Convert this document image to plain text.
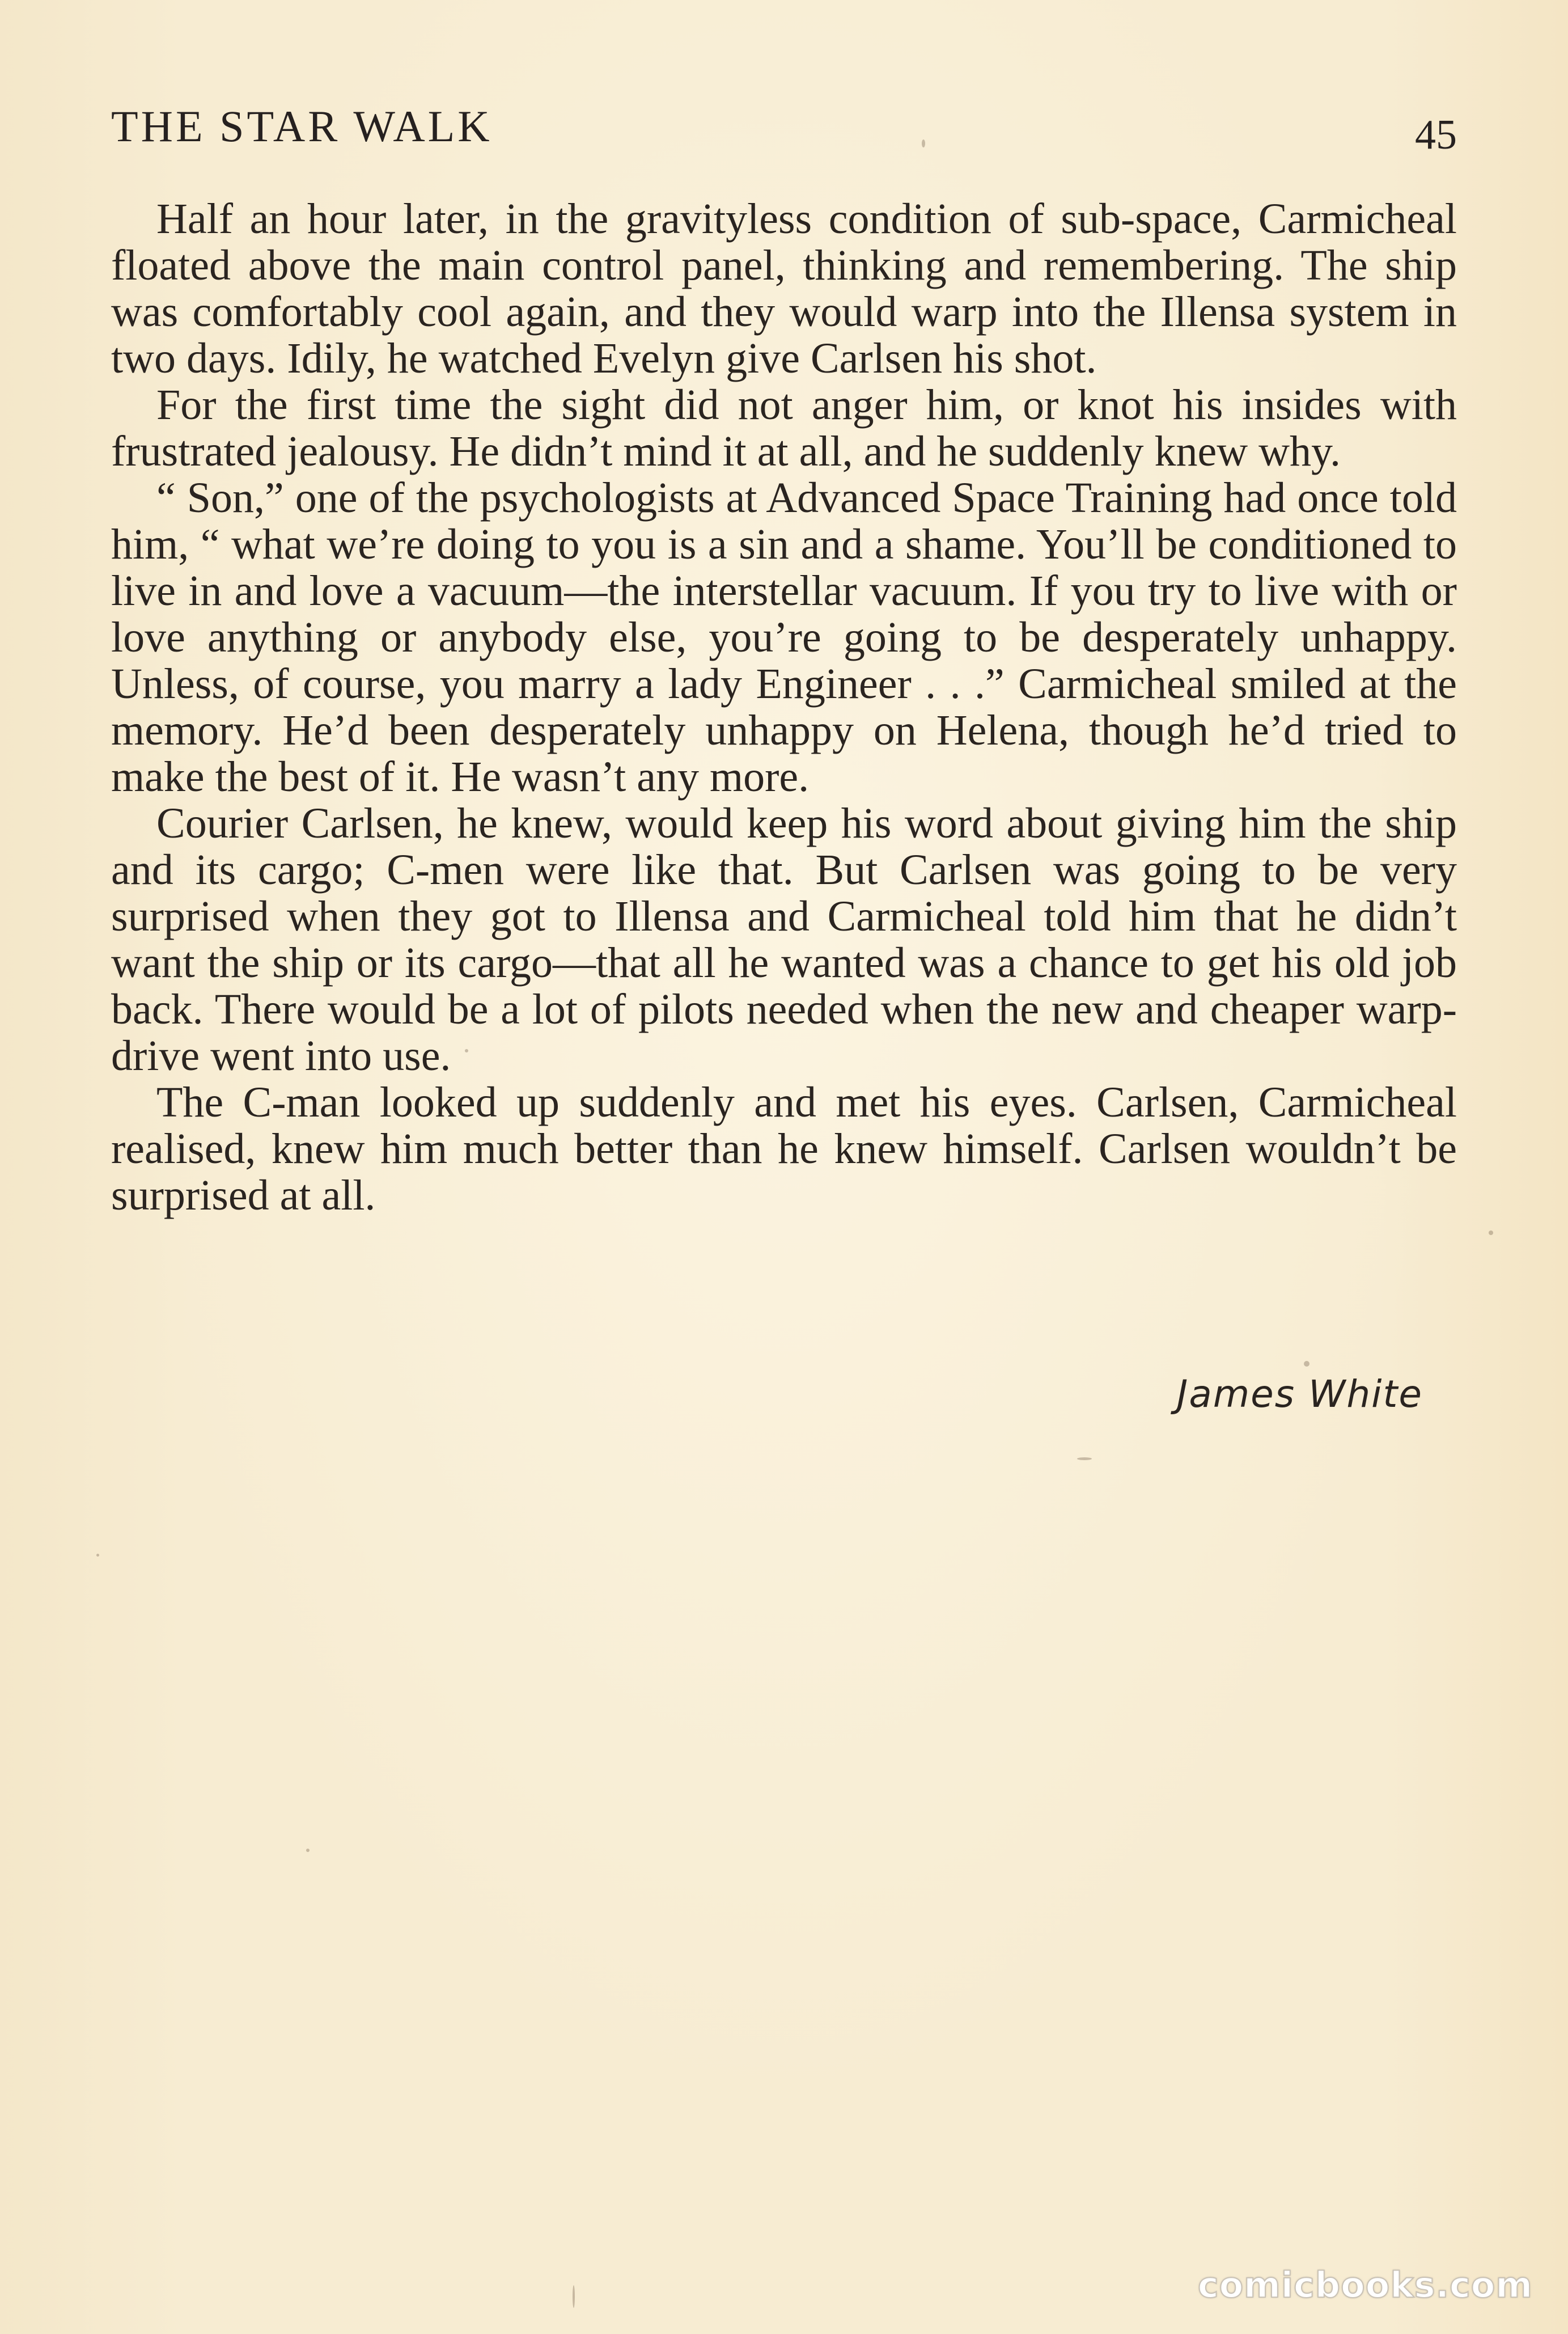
THE STAR WALK	45

Half an hour later, in the gravityless condition of sub-space, Carmicheal floated above the main control panel, thinking and remembering. The ship was comfortably cool again, and they would warp into the Illensa system in two days. Idily, he watched Evelyn give Carlsen his shot.

For the first time the sight did not anger him, or knot his insides with frustrated jealousy. He didn’t mind it at all, and he suddenly knew why.

“ Son,” one of the psychologists at Advanced Space Training had once told him, “ what we’re doing to you is a sin and a shame. You’ll be conditioned to live in and love a vacuum—the interstellar vacuum. If you try to live with or love anything or anybody else, you’re going to be desperately unhappy. Unless, of course, you marry a lady Engineer . . .” Carmicheal smiled at the memory. He’d been desperately unhappy on Helena, though he’d tried to make the best of it. He wasn’t any more.

Courier Carlsen, he knew, would keep his word about giving him the ship and its cargo; C-men were like that. But Carlsen was going to be very surprised when they got to Illensa and Carmicheal told him that he didn’t want the ship or its cargo—that all he wanted was a chance to get his old job back. There would be a lot of pilots needed when the new and cheaper warp-drive went into use.

The C-man looked up suddenly and met his eyes. Carlsen, Carmicheal realised, knew him much better than he knew himself. Carlsen wouldn’t be surprised at all.

James White
comicbooks.com
